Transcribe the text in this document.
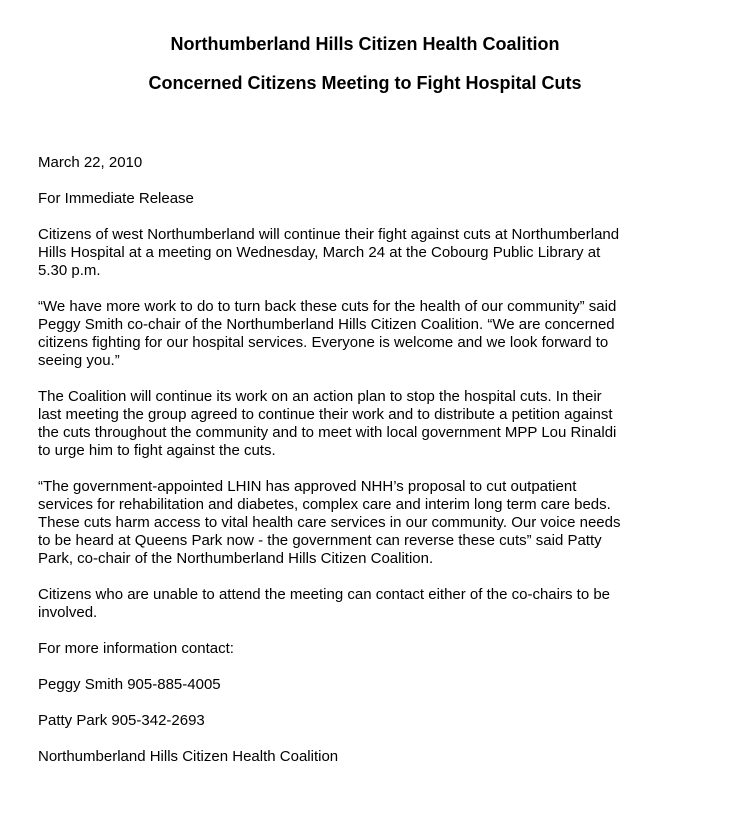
Northumberland Hills Citizen Health Coalition

Concerned Citizens Meeting to Fight Hospital Cuts

March 22, 2010

For Immediate Release

Citizens of west Northumberland will continue their fight against cuts at Northumberland
Hills Hospital at a meeting on Wednesday, March 24 at the Cobourg Public Library at
5.30 p.m.

“We have more work to do to turn back these cuts for the health of our community” said
Peggy Smith co-chair of the Northumberland Hills Citizen Coalition. “We are concerned
citizens fighting for our hospital services. Everyone is welcome and we look forward to
seeing you.”

The Coalition will continue its work on an action plan to stop the hospital cuts. In their
last meeting the group agreed to continue their work and to distribute a petition against
the cuts throughout the community and to meet with local government MPP Lou Rinaldi
to urge him to fight against the cuts.

“The government-appointed LHIN has approved NHH’s proposal to cut outpatient
services for rehabilitation and diabetes, complex care and interim long term care beds.
These cuts harm access to vital health care services in our community. Our voice needs
to be heard at Queens Park now - the government can reverse these cuts” said Patty
Park, co-chair of the Northumberland Hills Citizen Coalition.

Citizens who are unable to attend the meeting can contact either of the co-chairs to be
involved.

For more information contact:

Peggy Smith 905-885-4005

Patty Park 905-342-2693

Northumberland Hills Citizen Health Coalition
